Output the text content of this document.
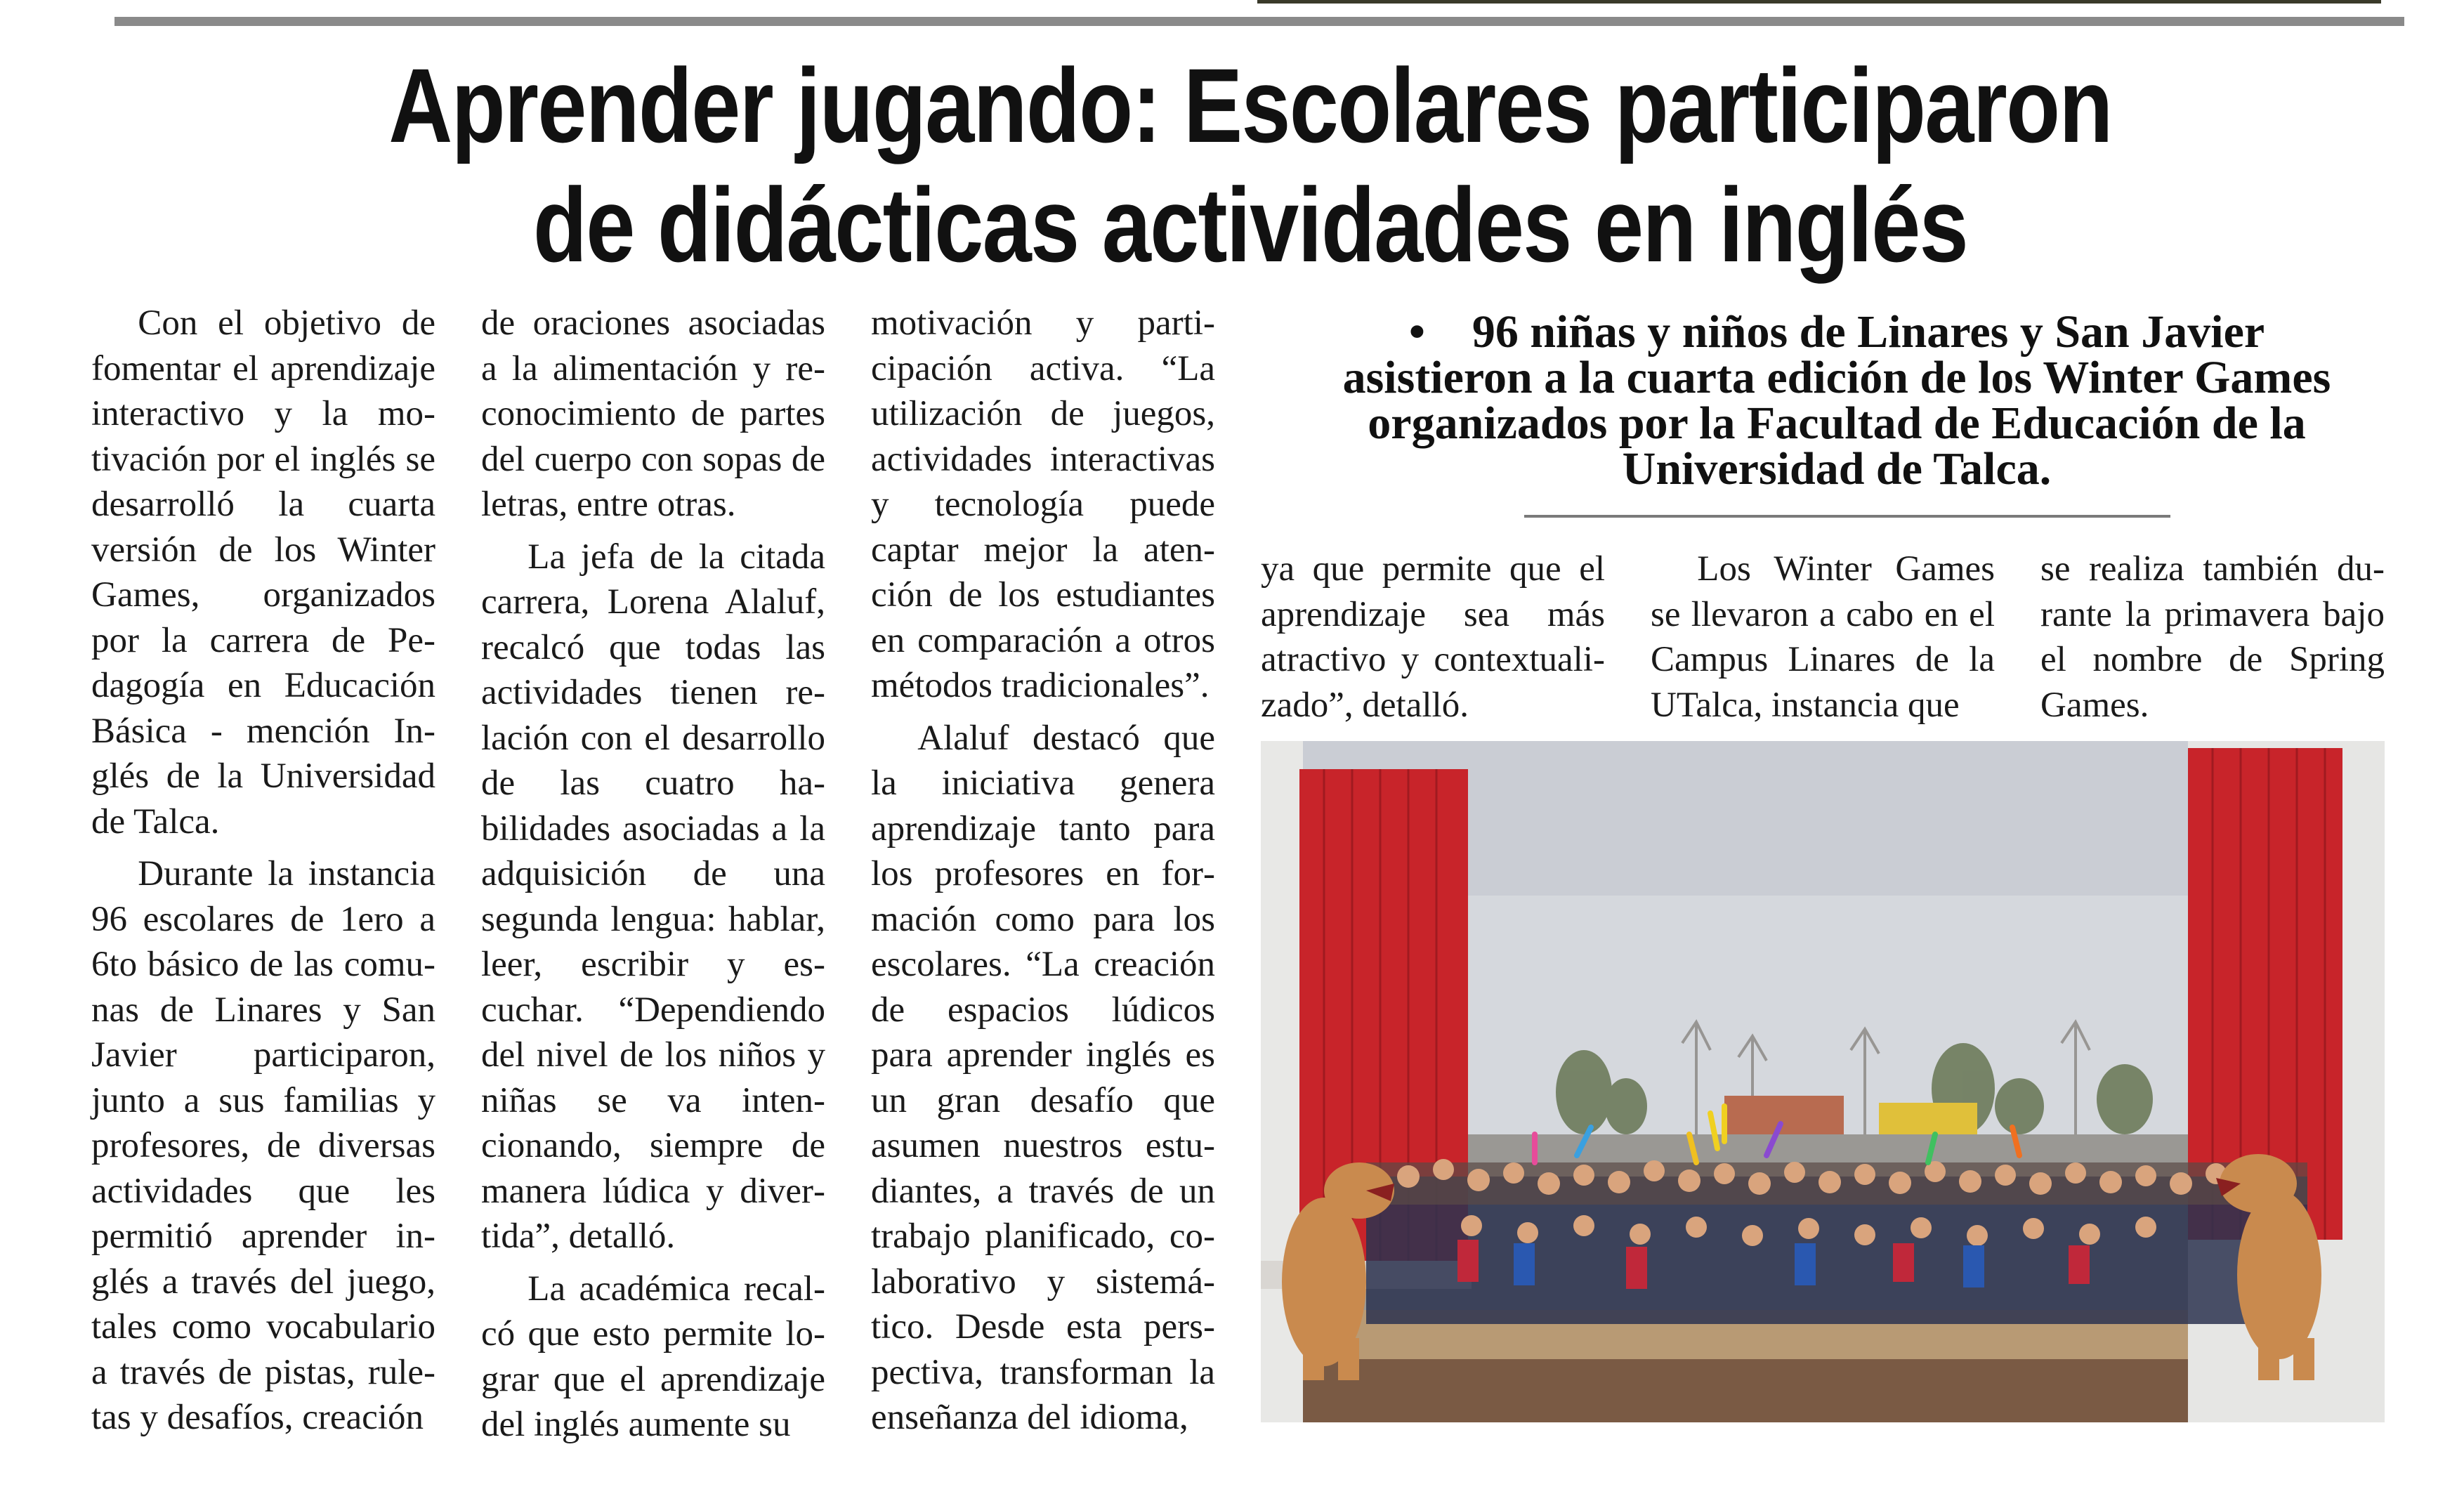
Aprender jugando: Escolares participaron
de didácticas actividades en inglés

Con el objetivo de fomentar el aprendizaje interactivo y la motivación por el inglés se desarrolló la cuarta versión de los Winter Games, organizados por la carrera de Pedagogía en Educación Básica - mención Inglés de la Universidad de Talca.

Durante la instancia 96 escolares de 1ero a 6to básico de las comunas de Linares y San Javier participaron, junto a sus familias y profesores, de diversas actividades que les permitió aprender inglés a través del juego, tales como vocabulario a través de pistas, ruletas y desafíos, creación

de oraciones asociadas a la alimentación y reconocimiento de partes del cuerpo con sopas de letras, entre otras.

La jefa de la citada carrera, Lorena Alaluf, recalcó que todas las actividades tienen relación con el desarrollo de las cuatro habilidades asociadas a la adquisición de una segunda lengua: hablar, leer, escribir y escuchar. “Dependiendo del nivel de los niños y niñas se va intencionando, siempre de manera lúdica y divertida”, detalló.

La académica recalcó que esto permite lograr que el aprendizaje del inglés aumente su

motivación y participación activa. “La utilización de juegos, actividades interactivas y tecnología puede captar mejor la atención de los estudiantes en comparación a otros métodos tradicionales”.

Alaluf destacó que la iniciativa genera aprendizaje tanto para los profesores en formación como para los escolares. “La creación de espacios lúdicos para aprender inglés es un gran desafío que asumen nuestros estudiantes, a través de un trabajo planificado, colaborativo y sistemático. Desde esta perspectiva, transforman la enseñanza del idioma,

• 96 niñas y niños de Linares y San Javier
asistieron a la cuarta edición de los Winter Games
organizados por la Facultad de Educación de la
Universidad de Talca.

ya que permite que el aprendizaje sea más atractivo y contextualizado”, detalló.

Los Winter Games se llevaron a cabo en el Campus Linares de la UTalca, instancia que

se realiza también durante la primavera bajo el nombre de Spring Games.
